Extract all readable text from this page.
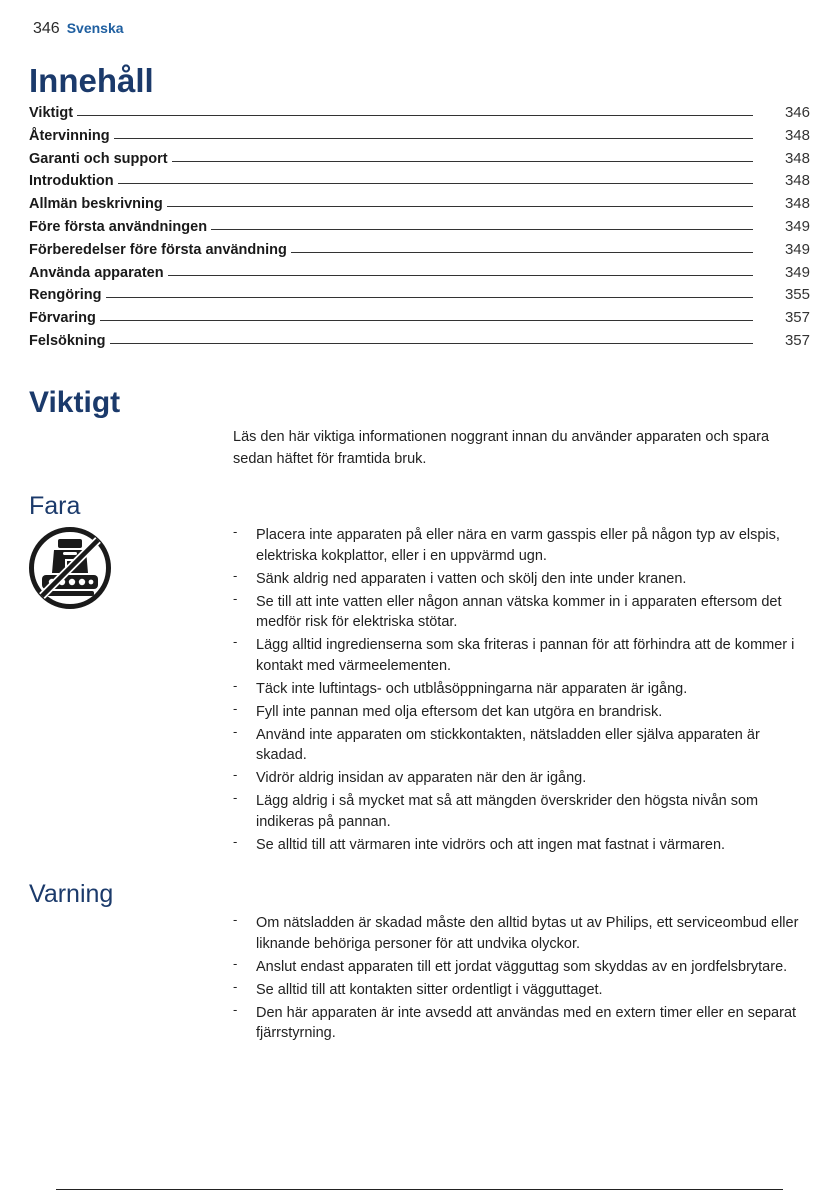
346 Svenska
Innehåll
Viktigt	346
Återvinning	348
Garanti och support	348
Introduktion	348
Allmän beskrivning	348
Före första användningen	349
Förberedelser före första användning	349
Använda apparaten	349
Rengöring	355
Förvaring	357
Felsökning	357
Viktigt

Läs den här viktiga informationen noggrant innan du använder apparaten och spara sedan häftet för framtida bruk.

Fara
- Placera inte apparaten på eller nära en varm gasspis eller på någon typ av elspis, elektriska kokplattor, eller i en uppvärmd ugn.
- Sänk aldrig ned apparaten i vatten och skölj den inte under kranen.
- Se till att inte vatten eller någon annan vätska kommer in i apparaten eftersom det medför risk för elektriska stötar.
- Lägg alltid ingredienserna som ska friteras i pannan för att förhindra att de kommer i kontakt med värmeelementen.
- Täck inte luftintags- och utblåsöppningarna när apparaten är igång.
- Fyll inte pannan med olja eftersom det kan utgöra en brandrisk.
- Använd inte apparaten om stickkontakten, nätsladden eller själva apparaten är skadad.
- Vidrör aldrig insidan av apparaten när den är igång.
- Lägg aldrig i så mycket mat så att mängden överskrider den högsta nivån som indikeras på pannan.
- Se alltid till att värmaren inte vidrörs och att ingen mat fastnat i värmaren.
Varning
- Om nätsladden är skadad måste den alltid bytas ut av Philips, ett serviceombud eller liknande behöriga personer för att undvika olyckor.
- Anslut endast apparaten till ett jordat vägguttag som skyddas av en jordfelsbrytare.
- Se alltid till att kontakten sitter ordentligt i vägguttaget.
- Den här apparaten är inte avsedd att användas med en extern timer eller en separat fjärrstyrning.
